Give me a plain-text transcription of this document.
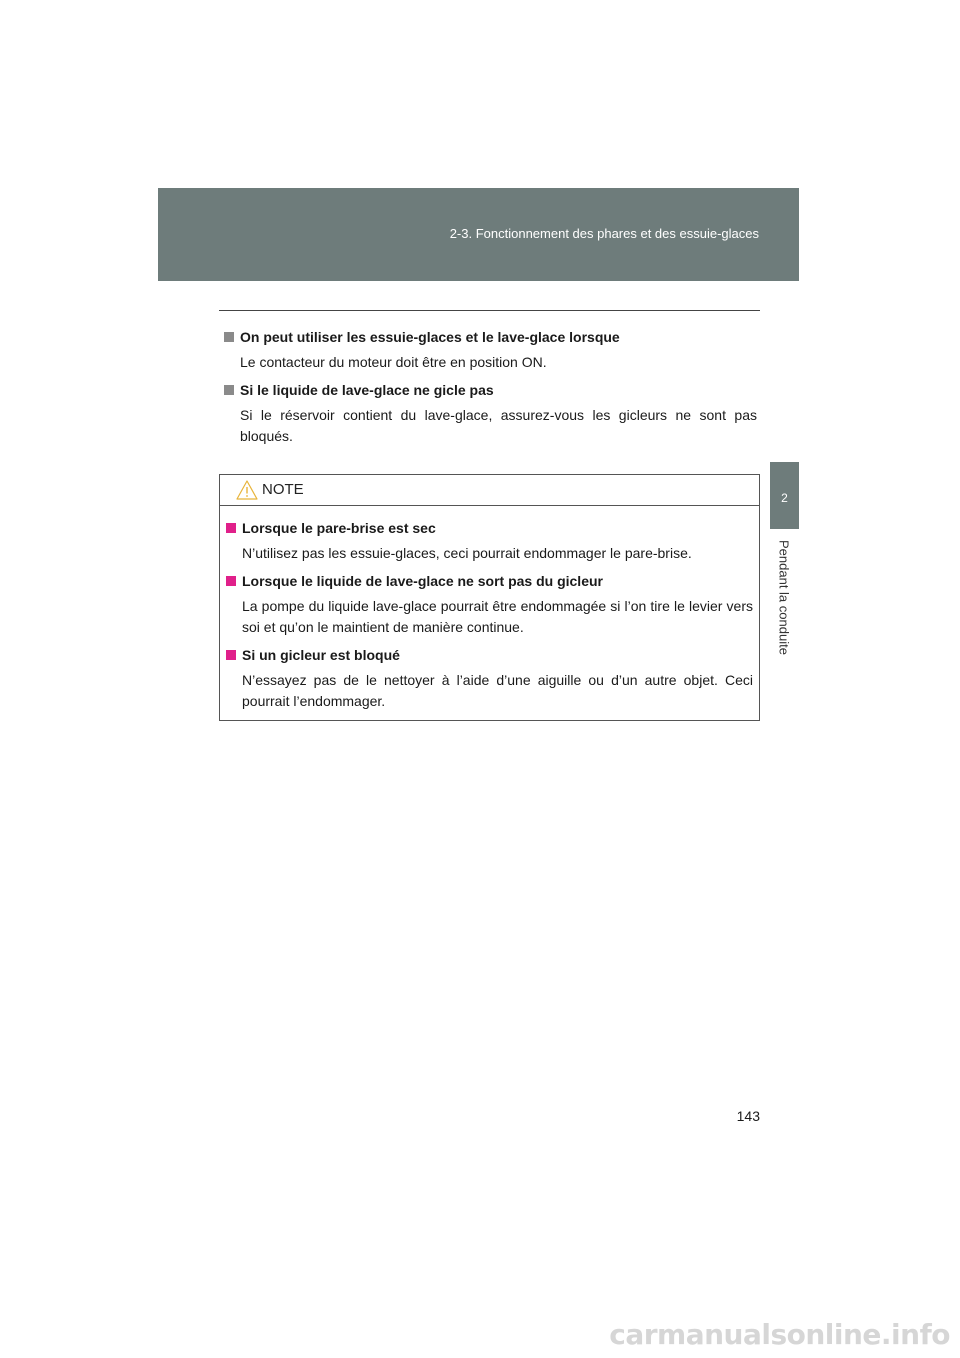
2-3. Fonctionnement des phares et des essuie-glaces
2
Pendant la conduite

On peut utiliser les essuie-glaces et le lave-glace lorsque

Le contacteur du moteur doit être en position ON.

Si le liquide de lave-glace ne gicle pas

Si le réservoir contient du lave-glace, assurez-vous les gicleurs ne sont pas bloqués.

NOTE

Lorsque le pare-brise est sec

N’utilisez pas les essuie-glaces, ceci pourrait endommager le pare-brise.

Lorsque le liquide de lave-glace ne sort pas du gicleur

La pompe du liquide lave-glace pourrait être endommagée si l’on tire le levier vers soi et qu’on le maintient de manière continue.

Si un gicleur est bloqué

N’essayez pas de le nettoyer à l’aide d’une aiguille ou d’un autre objet. Ceci pourrait l’endommager.

143
carmanualsonline.info
